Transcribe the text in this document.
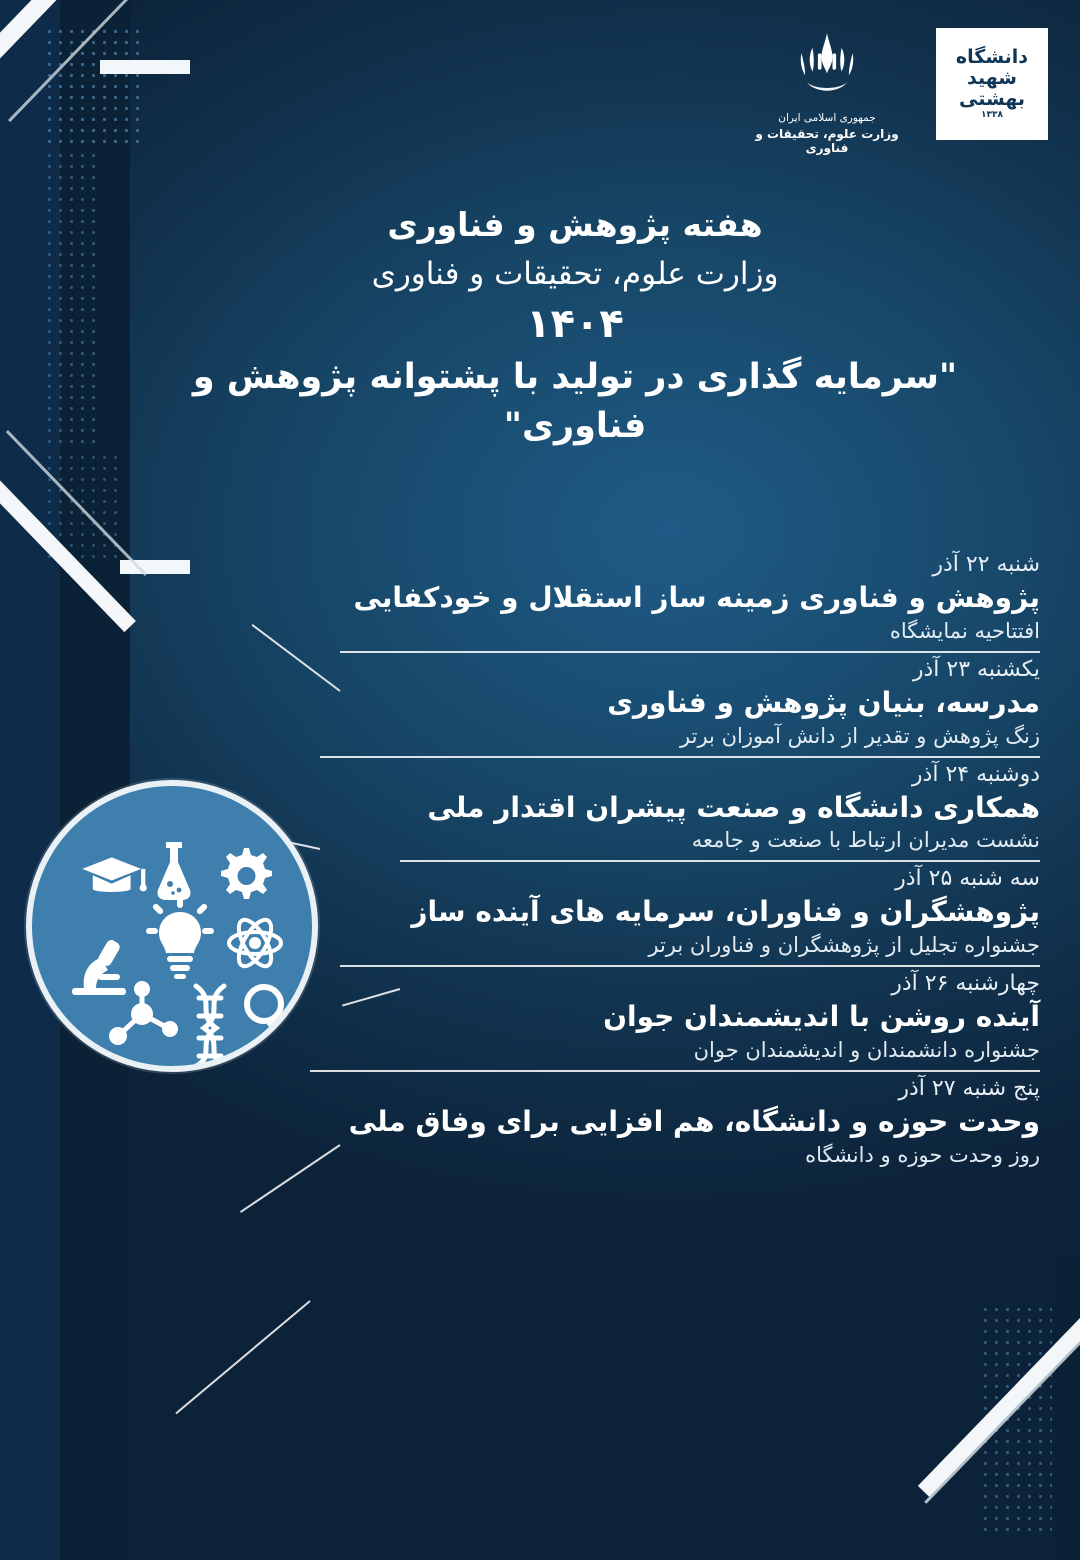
دانشگاه شهید بهشتی
۱۳۳۸
جمهوری اسلامی ایران
وزارت علوم، تحقیقات و فناوری
هفته پژوهش و فناوری
وزارت علوم، تحقیقات و فناوری
۱۴۰۴
"سرمایه گذاری در تولید با پشتوانه پژوهش و فناوری"
شنبه ۲۲ آذر
پژوهش و فناوری زمینه ساز استقلال و خودکفایی
افتتاحیه نمایشگاه
یکشنبه ۲۳ آذر
مدرسه، بنیان پژوهش و فناوری
زنگ پژوهش و تقدیر از دانش آموزان برتر
دوشنبه ۲۴ آذر
همکاری دانشگاه و صنعت پیشران اقتدار ملی
نشست مدیران ارتباط با صنعت و جامعه
سه شنبه ۲۵ آذر
پژوهشگران و فناوران، سرمایه های آینده ساز
جشنواره تجلیل از پژوهشگران و فناوران برتر
چهارشنبه ۲۶ آذر
آینده روشن با اندیشمندان جوان
جشنواره دانشمندان و اندیشمندان جوان
پنج شنبه ۲۷ آذر
وحدت حوزه و دانشگاه، هم افزایی برای وفاق ملی
روز وحدت حوزه و دانشگاه
